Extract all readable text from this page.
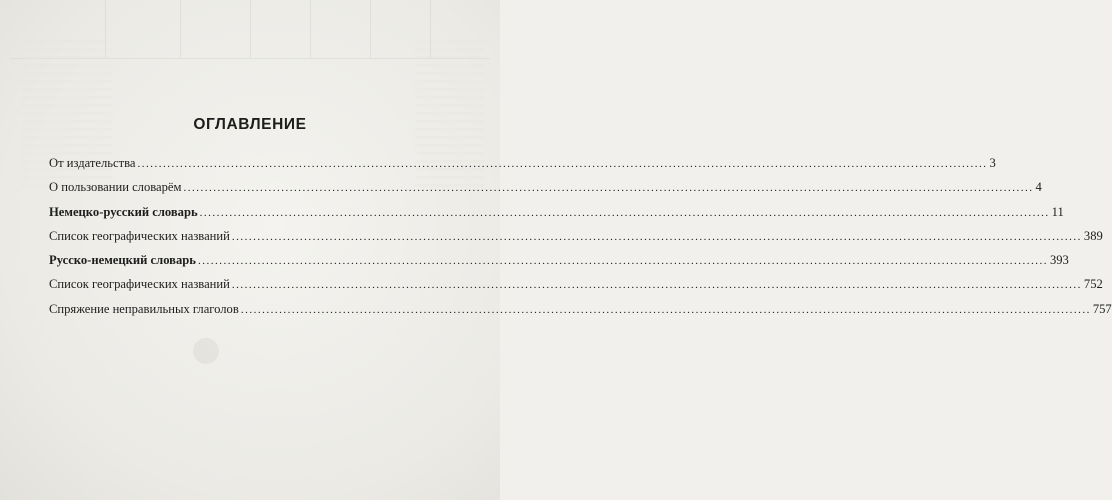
ОГЛАВЛЕНИЕ
От издательства ........................................................................................................................................................................................................ 3
О пользовании словарём ........................................................................................................................................................................................................ 4
Немецко-русский словарь ........................................................................................................................................................................................................ 11
Список географических названий ........................................................................................................................................................................................................ 389
Русско-немецкий словарь ........................................................................................................................................................................................................ 393
Список географических названий ........................................................................................................................................................................................................ 752
Спряжение неправильных глаголов ........................................................................................................................................................................................................ 757
